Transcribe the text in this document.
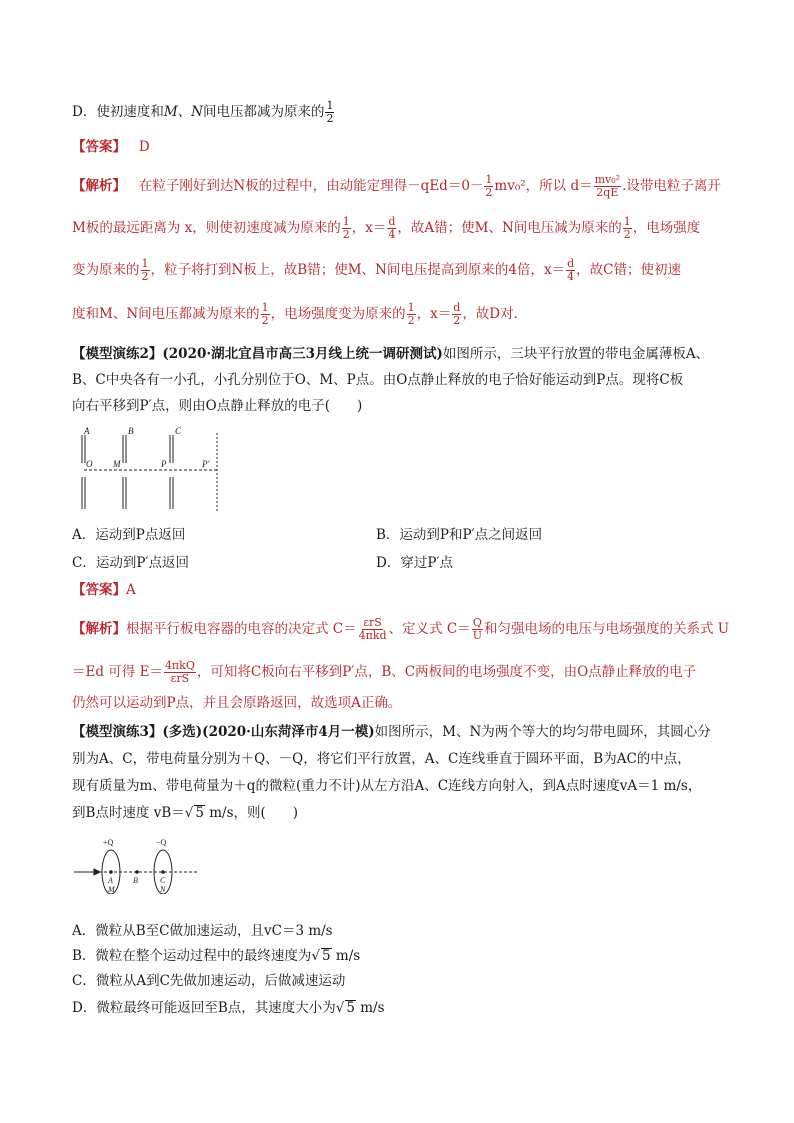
D．使初速度和M、N间电压都减为原来的 $\frac{1}{2}$
【答案】 D
【解析】 在粒子刚好到达N板的过程中，由动能定理得$-qEd=0- \frac{1}{2} mv_0^2$，所以 $d= \frac{\text{mv₀²}}{2qE}$ .设带电粒子离开
M板的最远距离为 x，则使初速度减为原来的 $\frac{1}{2}$ ，$x= \frac{d}{4}$ ，故A错；使M、N间电压减为原来的 $\frac{1}{2}$ ，电场强度
变为原来的 $\frac{1}{2}$ ，粒子将打到N板上，故B错；使M、N间电压提高到原来的4倍，$x= \frac{d}{4}$ ，故C错；使初速
度和M、N间电压都减为原来的 $\frac{1}{2}$ ，电场强度变为原来的 $\frac{1}{2}$ ，$x= \frac{d}{2}$ ，故D对．
【模型演练2】(2020·湖北宜昌市高三3月线上统一调研测试)如图所示，三块平行放置的带电金属薄板A、
B、C中央各有一小孔，小孔分别位于O、M、P点。由O点静止释放的电子恰好能运动到P点。现将C板
向右平移到P′点，则由O点静止释放的电子(　　)
A	B	C
O M	P	P′
A．运动到P点返回	B．运动到P和P′点之间返回
C．运动到P′点返回	D．穿过P′点
【答案】A
【解析】根据平行板电容器的电容的决定式 $C= \frac{\text{εrS}}{\text{4πkd}}$ 、定义式 $C= \frac{Q}{U}$ 和匀强电场的电压与电场强度的关系式 U
＝Ed 可得 $E= \frac{\text{4πkQ}}{\text{εrS}}$ ，可知将C板向右平移到P′点，B、C两板间的电场强度不变，由O点静止释放的电子
仍然可以运动到P点，并且会原路返回，故选项A正确。
【模型演练3】(多选)(2020·山东菏泽市4月一模)如图所示，M、N为两个等大的均匀带电圆环，其圆心分
别为A、C，带电荷量分别为＋Q、－Q，将它们平行放置，A、C连线垂直于圆环平面，B为AC的中点，
现有质量为m、带电荷量为＋q的微粒(重力不计)从左方沿A、C连线方向射入，到A点时速度vA＝1 m/s，
到B点时速度 vB＝√ 5 m/s，则(　　)
+Q	−Q
A	B	C
M	N
A．微粒从B至C做加速运动，且vC＝3 m/s
B．微粒在整个运动过程中的最终速度为√ 5 m/s
C．微粒从A到C先做加速运动，后做减速运动
D．微粒最终可能返回至B点，其速度大小为√ 5 m/s
